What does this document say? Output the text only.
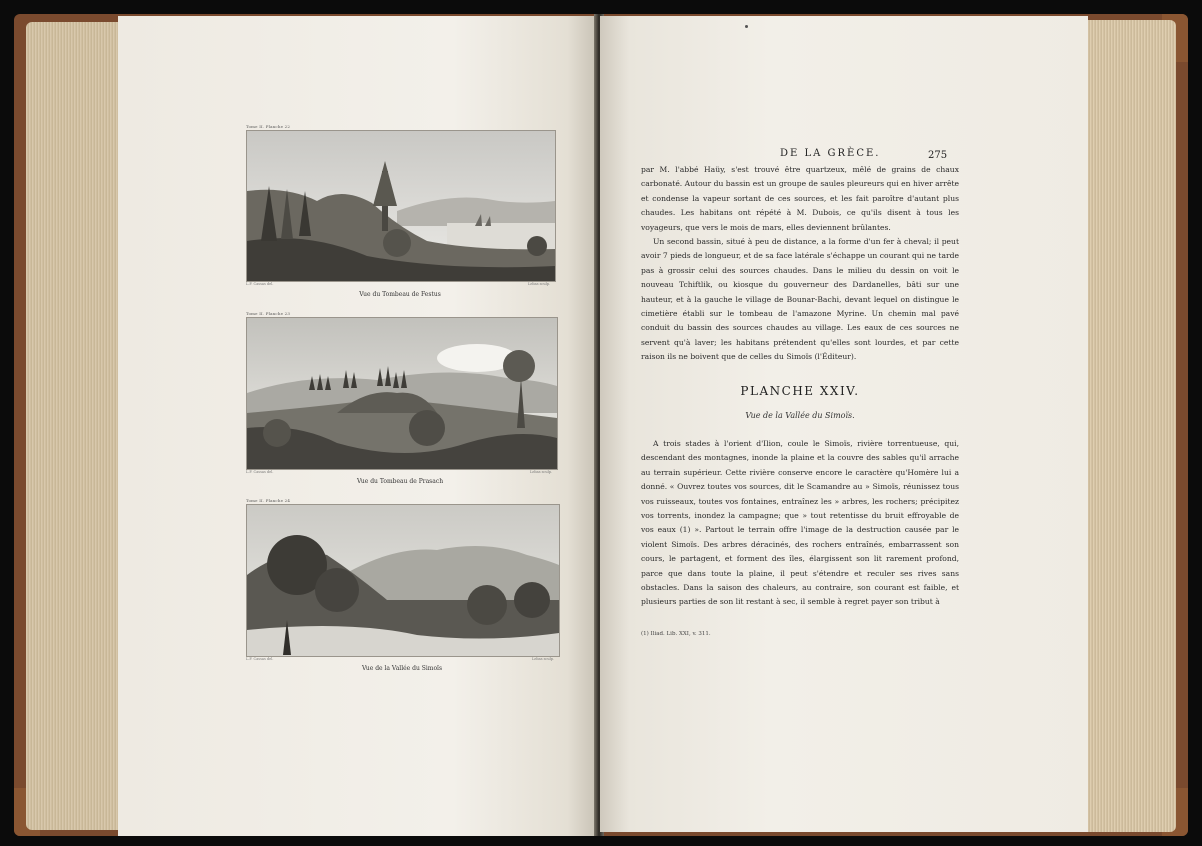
Tome II. Planche 22
L.F. Cassas del.	Lebas sculp.
Vue du Tombeau de Festus
Tome II. Planche 23
L.F. Cassas del.	Lebas sculp.
Vue du Tombeau de Prasach
Tome II. Planche 24
L.F. Cassas del.	Lebas sculp.
Vue de la Vallée du Simoïs
DE LA GRÈCE.	275

par M. l'abbé Haüy, s'est trouvé être quartzeux, mêlé de grains de chaux carbonaté. Autour du bassin est un groupe de saules pleureurs qui en hiver arrête et condense la vapeur sortant de ces sources, et les fait paroître d'autant plus chaudes. Les habitans ont répété à M. Dubois, ce qu'ils disent à tous les voyageurs, que vers le mois de mars, elles deviennent brûlantes.

Un second bassin, situé à peu de distance, a la forme d'un fer à cheval; il peut avoir 7 pieds de longueur, et de sa face latérale s'échappe un courant qui ne tarde pas à grossir celui des sources chaudes. Dans le milieu du dessin on voit le nouveau Tchiftlik, ou kiosque du gouverneur des Dardanelles, bâti sur une hauteur, et à la gauche le village de Bounar-Bachi, devant lequel on distingue le cimetière établi sur le tombeau de l'amazone Myrine. Un chemin mal pavé conduit du bassin des sources chaudes au village. Les eaux de ces sources ne servent qu'à laver; les habitans prétendent qu'elles sont lourdes, et par cette raison ils ne boivent que de celles du Simoïs (l'Éditeur).

PLANCHE XXIV.
Vue de la Vallée du Simoïs.

A trois stades à l'orient d'Ilion, coule le Simoïs, rivière torrentueuse, qui, descendant des montagnes, inonde la plaine et la couvre des sables qu'il arrache au terrain supérieur. Cette rivière conserve encore le caractère qu'Homère lui a donné. « Ouvrez toutes vos sources, dit le Scamandre au » Simoïs, réunissez tous vos ruisseaux, toutes vos fontaines, entraînez les » arbres, les rochers; précipitez vos torrents, inondez la campagne; que » tout retentisse du bruit effroyable de vos eaux (1) ». Partout le terrain offre l'image de la destruction causée par le violent Simoïs. Des arbres déracinés, des rochers entraînés, embarrassent son cours, le partagent, et forment des îles, élargissent son lit rarement profond, parce que dans toute la plaine, il peut s'étendre et reculer ses rives sans obstacles. Dans la saison des chaleurs, au contraire, son courant est faible, et plusieurs parties de son lit restant à sec, il semble à regret payer son tribut à

(1) Iliad. Lib. XXI, v. 311.
